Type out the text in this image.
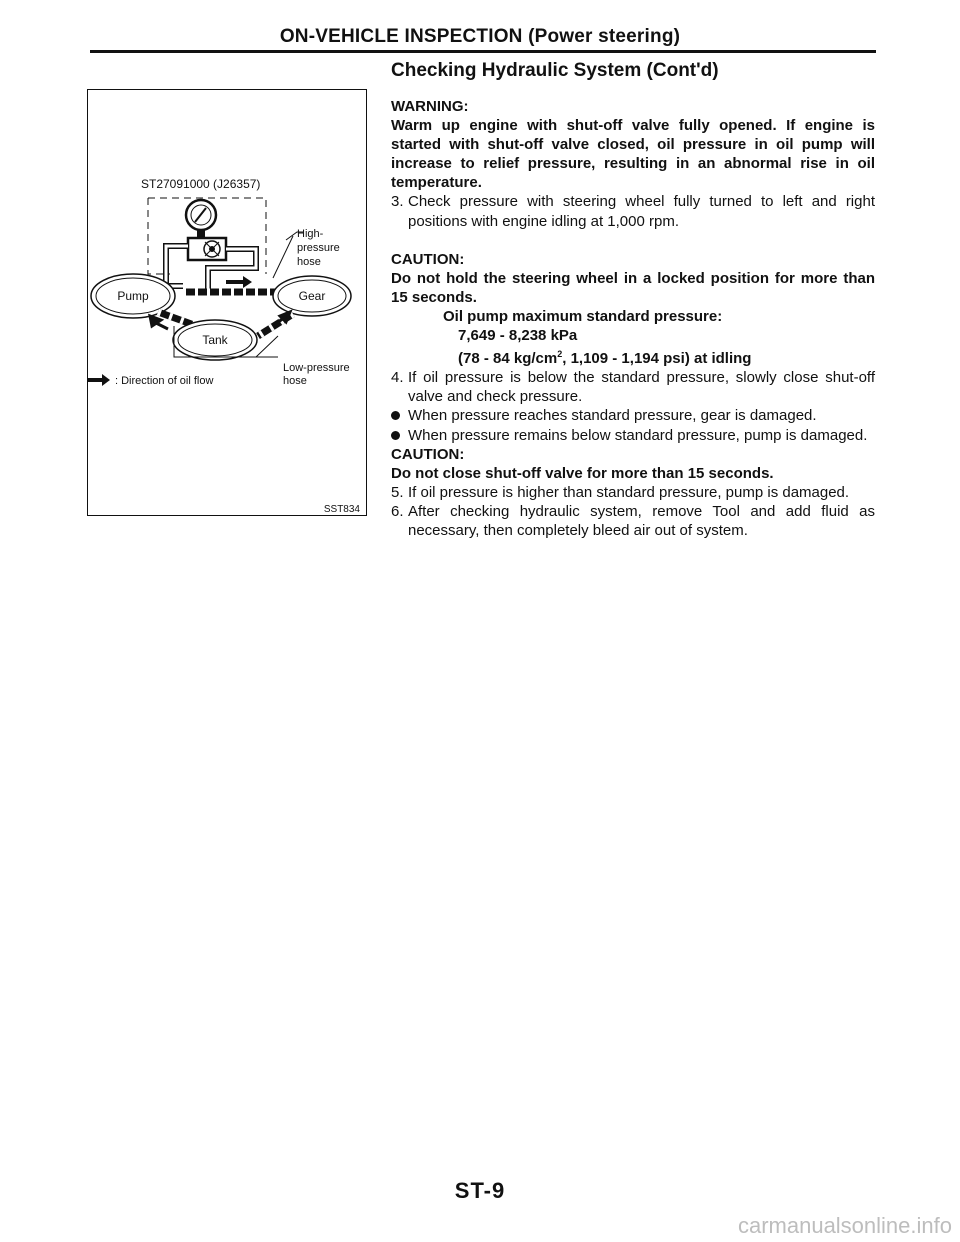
ON-VEHICLE INSPECTION (Power steering)
Checking Hydraulic System (Cont'd)
ST27091000 (J26357)
Pump	Gear
Tank
Low-pressure
hose
High-
pressure
hose
: Direction of oil flow
SST834

WARNING:

Warm up engine with shut-off valve fully opened. If engine is started with shut-off valve closed, oil pressure in oil pump will increase to relief pressure, resulting in an abnormal rise in oil temperature.

3. Check pressure with steering wheel fully turned to left and right positions with engine idling at 1,000 rpm.

CAUTION:

Do not hold the steering wheel in a locked position for more than 15 seconds.

Oil pump maximum standard pressure:

7,649 - 8,238 kPa

(78 - 84 $kg/cm^2$, 1,109 - 1,194 psi) at idling

4. If oil pressure is below the standard pressure, slowly close shut-off valve and check pressure.
When pressure reaches standard pressure, gear is damaged.
When pressure remains below standard pressure, pump is damaged.

CAUTION:

Do not close shut-off valve for more than 15 seconds.

5. If oil pressure is higher than standard pressure, pump is damaged.
6. After checking hydraulic system, remove Tool and add fluid as necessary, then completely bleed air out of system.
ST-9
carmanualsonline.info
